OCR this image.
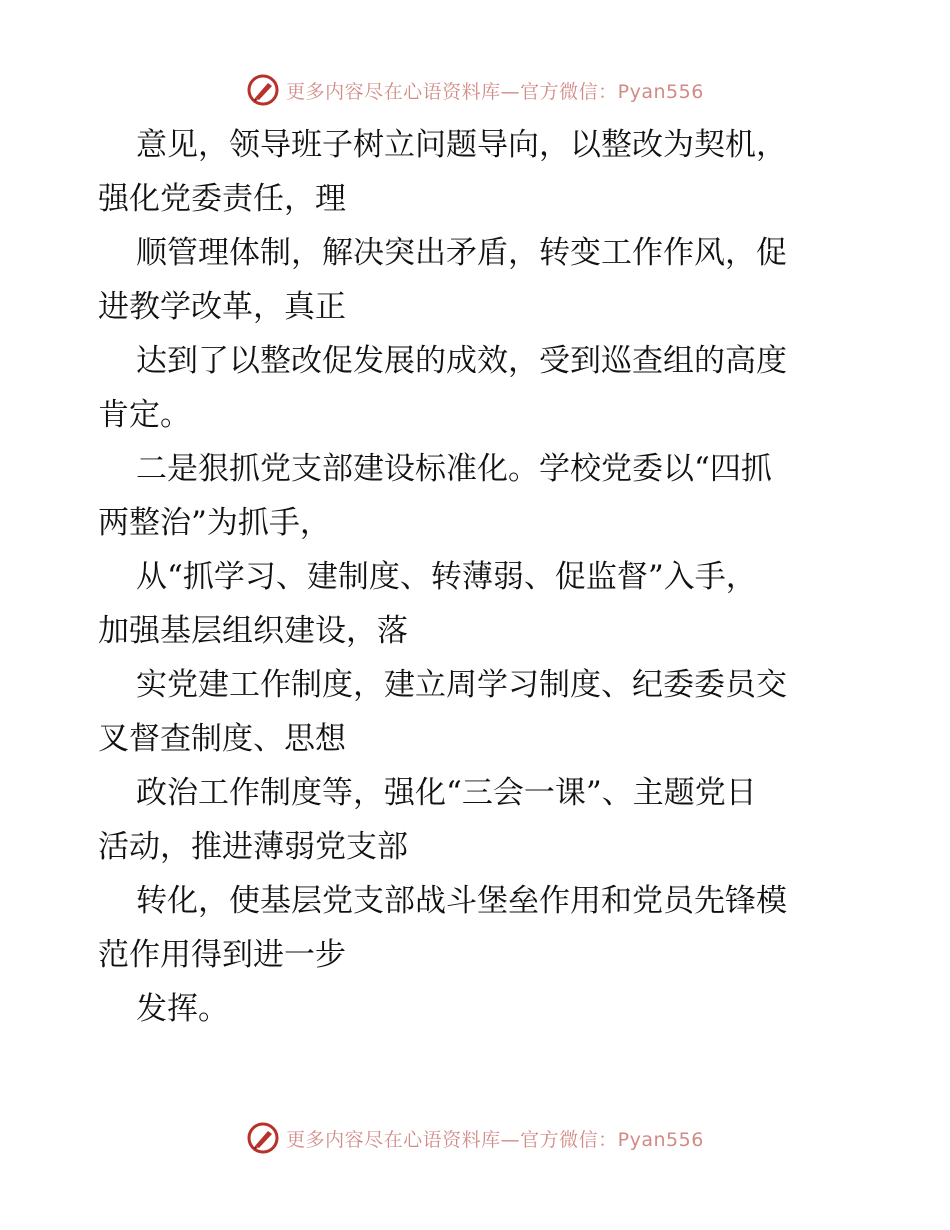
更多内容尽在心语资料库—官方微信：Pyan556

意见，领导班子树立问题导向，以整改为契机，
强化党委责任，理

顺管理体制，解决突出矛盾，转变工作作风，促
进教学改革，真正

达到了以整改促发展的成效，受到巡查组的高度
肯定。

二是狠抓党支部建设标准化。学校党委以“四抓
两整治”为抓手，

从“抓学习、建制度、转薄弱、促监督”入手，
加强基层组织建设，落

实党建工作制度，建立周学习制度、纪委委员交
叉督查制度、思想

政治工作制度等，强化“三会一课”、主题党日
活动，推进薄弱党支部

转化，使基层党支部战斗堡垒作用和党员先锋模
范作用得到进一步

发挥。

更多内容尽在心语资料库—官方微信：Pyan556
